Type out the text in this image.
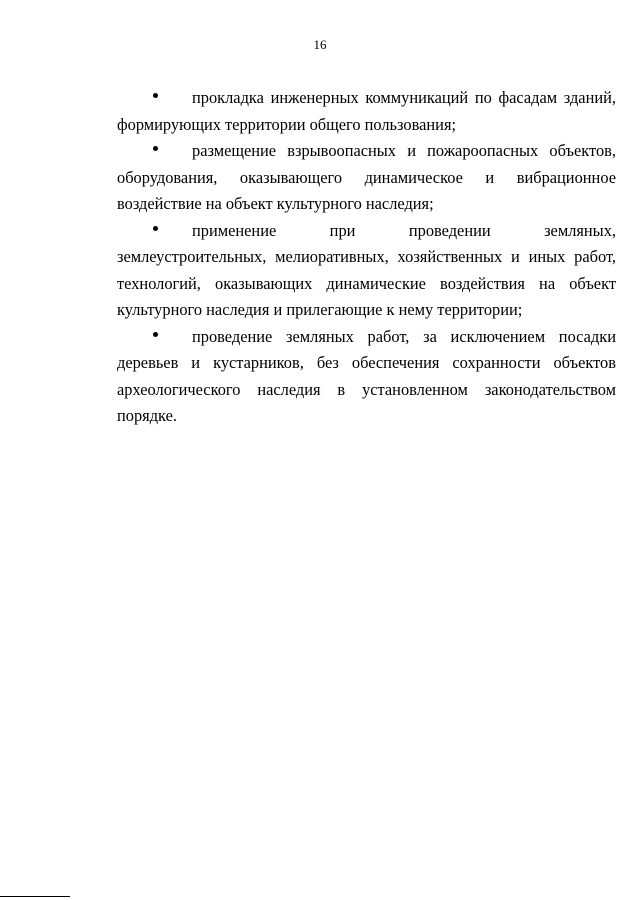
16

прокладка инженерных коммуникаций по фасадам зданий, формирующих территории общего пользования;

размещение взрывоопасных и пожароопасных объектов, оборудования, оказывающего динамическое и вибрационное воздействие на объект культурного наследия;

применение при проведении земляных, землеустроительных, мелиоративных, хозяйственных и иных работ, технологий, оказывающих динамические воздействия на объект культурного наследия и прилегающие к нему территории;

проведение земляных работ, за исключением посадки деревьев и кустарников, без обеспечения сохранности объектов археологического наследия в установленном законодательством порядке.
